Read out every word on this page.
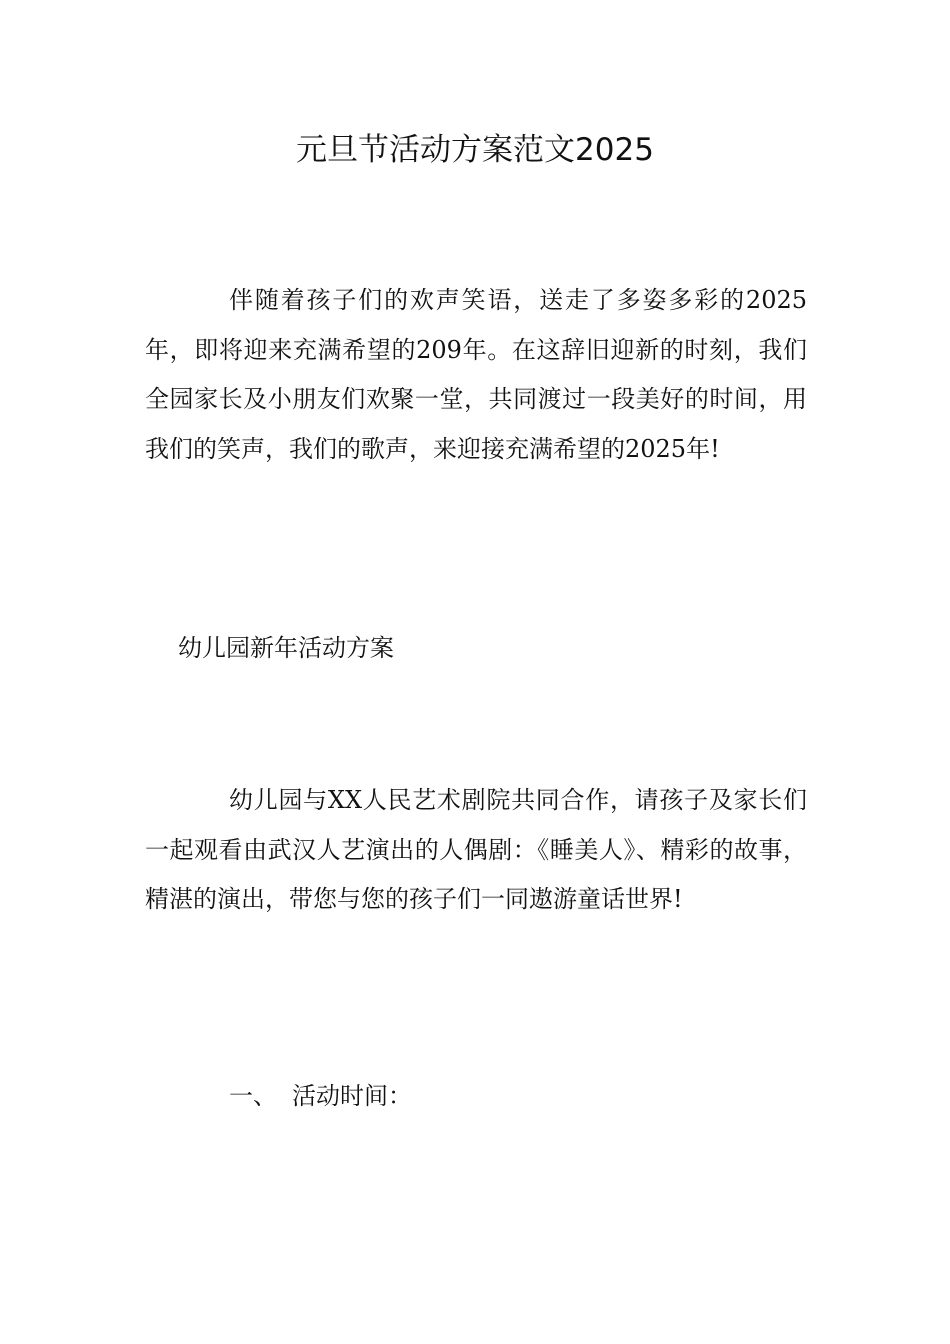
元旦节活动方案范文2025

伴随着孩子们的欢声笑语，送走了多姿多彩的2025年，即将迎来充满希望的209年。在这辞旧迎新的时刻，我们全园家长及小朋友们欢聚一堂，共同渡过一段美好的时间，用我们的笑声，我们的歌声，来迎接充满希望的2025年!

幼儿园新年活动方案

幼儿园与XX人民艺术剧院共同合作，请孩子及家长们一起观看由武汉人艺演出的人偶剧：《睡美人》、精彩的故事，精湛的演出，带您与您的孩子们一同遨游童话世界!

一、 活动时间：
